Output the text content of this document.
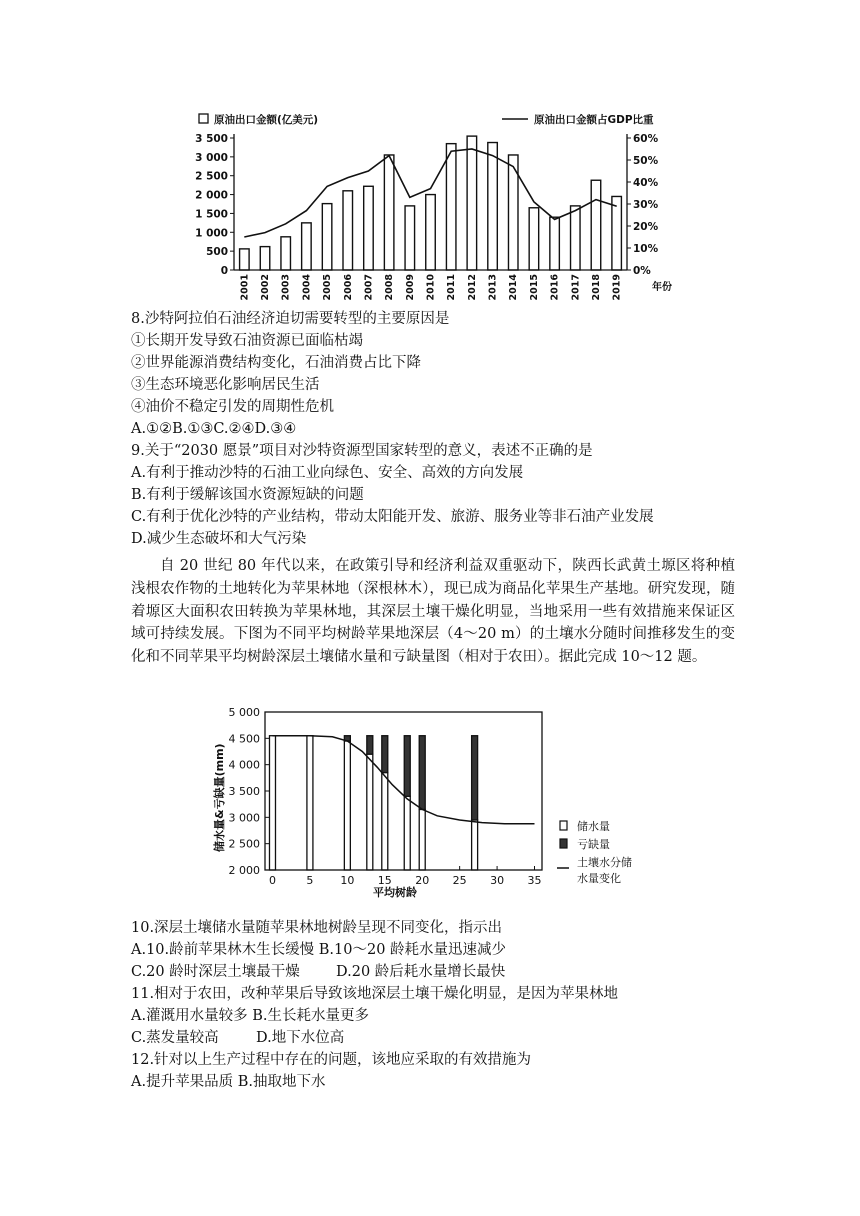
原油出口金额(亿美元)	原油出口金额占GDP比重
年份
0
500
1 000
1 500
2 000
2 500
3 000
3 500
0%
10%
20%
30%
40%
50%
60%
2001 2002 2003 2004 2005 2006 2007 2008 2009 2010 2011 2012 2013 2014 2015 2016 2017 2018 2019
8.沙特阿拉伯石油经济迫切需要转型的主要原因是
①长期开发导致石油资源已面临枯竭
②世界能源消费结构变化，石油消费占比下降
③生态环境恶化影响居民生活
④油价不稳定引发的周期性危机
A.①②B.①③C.②④D.③④
9.关于“2030 愿景”项目对沙特资源型国家转型的意义，表述不正确的是
A.有利于推动沙特的石油工业向绿色、安全、高效的方向发展
B.有利于缓解该国水资源短缺的问题
C.有利于优化沙特的产业结构，带动太阳能开发、旅游、服务业等非石油产业发展
D.减少生态破坏和大气污染
自 20 世纪 80 年代以来，在政策引导和经济利益双重驱动下，陕西长武黄土塬区将种植浅根农作物的土地转化为苹果林地（深根林木），现已成为商品化苹果生产基地。研究发现，随着塬区大面积农田转换为苹果林地，其深层土壤干燥化明显，当地采用一些有效措施来保证区域可持续发展。下图为不同平均树龄苹果地深层（4～20 m）的土壤水分随时间推移发生的变化和不同苹果平均树龄深层土壤储水量和亏缺量图（相对于农田）。据此完成 10～12 题。
储水量&亏缺量(mm)
平均树龄
2 000
2 500
3 000
3 500
4 000
4 500
5 000
0	5 10 15 20 25 30 35
储水量
亏缺量
土壤水分储
水量变化
10.深层土壤储水量随苹果林地树龄呈现不同变化，指示出
A.10.龄前苹果林木生长缓慢 B.10～20 龄耗水量迅速减少
C.20 龄时深层土壤最干燥	D.20 龄后耗水量增长最快
11.相对于农田，改种苹果后导致该地深层土壤干燥化明显，是因为苹果林地
A.灌溉用水量较多 B.生长耗水量更多
C.蒸发量较高	D.地下水位高
12.针对以上生产过程中存在的问题，该地应采取的有效措施为
A.提升苹果品质 B.抽取地下水
